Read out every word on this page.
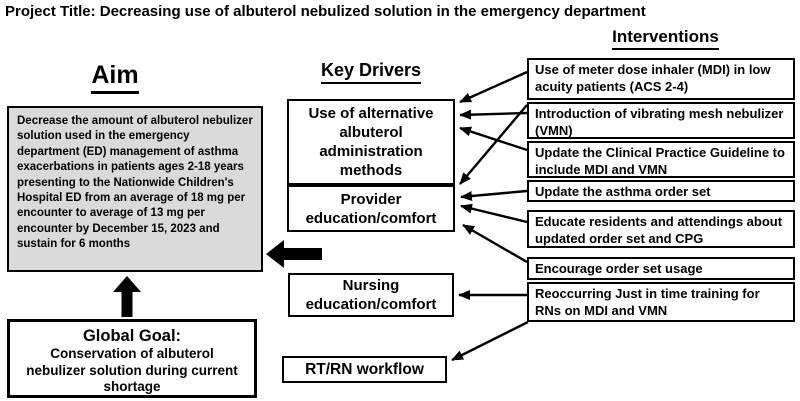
Project Title: Decreasing use of albuterol nebulized solution in the emergency department
Aim	Key Drivers
Interventions
Decrease the amount of albuterol nebulizer solution used in the emergency department (ED) management of asthma exacerbations in patients ages 2-18 years presenting to the Nationwide Children's Hospital ED from an average of 18 mg per encounter to average of 13 mg per encounter by December 15, 2023 and sustain for 6 months
Global Goal:
Conservation of albuterol nebulizer solution during current shortage
Use of alternative albuterol administration methods
Provider education/comfort
Nursing education/comfort
RT/RN workflow
Use of meter dose inhaler (MDI) in low acuity patients (ACS 2-4)
Introduction of vibrating mesh nebulizer (VMN)
Update the Clinical Practice Guideline to include MDI and VMN
Update the asthma order set
Educate residents and attendings about updated order set and CPG
Encourage order set usage
Reoccurring Just in time training for RNs on MDI and VMN
